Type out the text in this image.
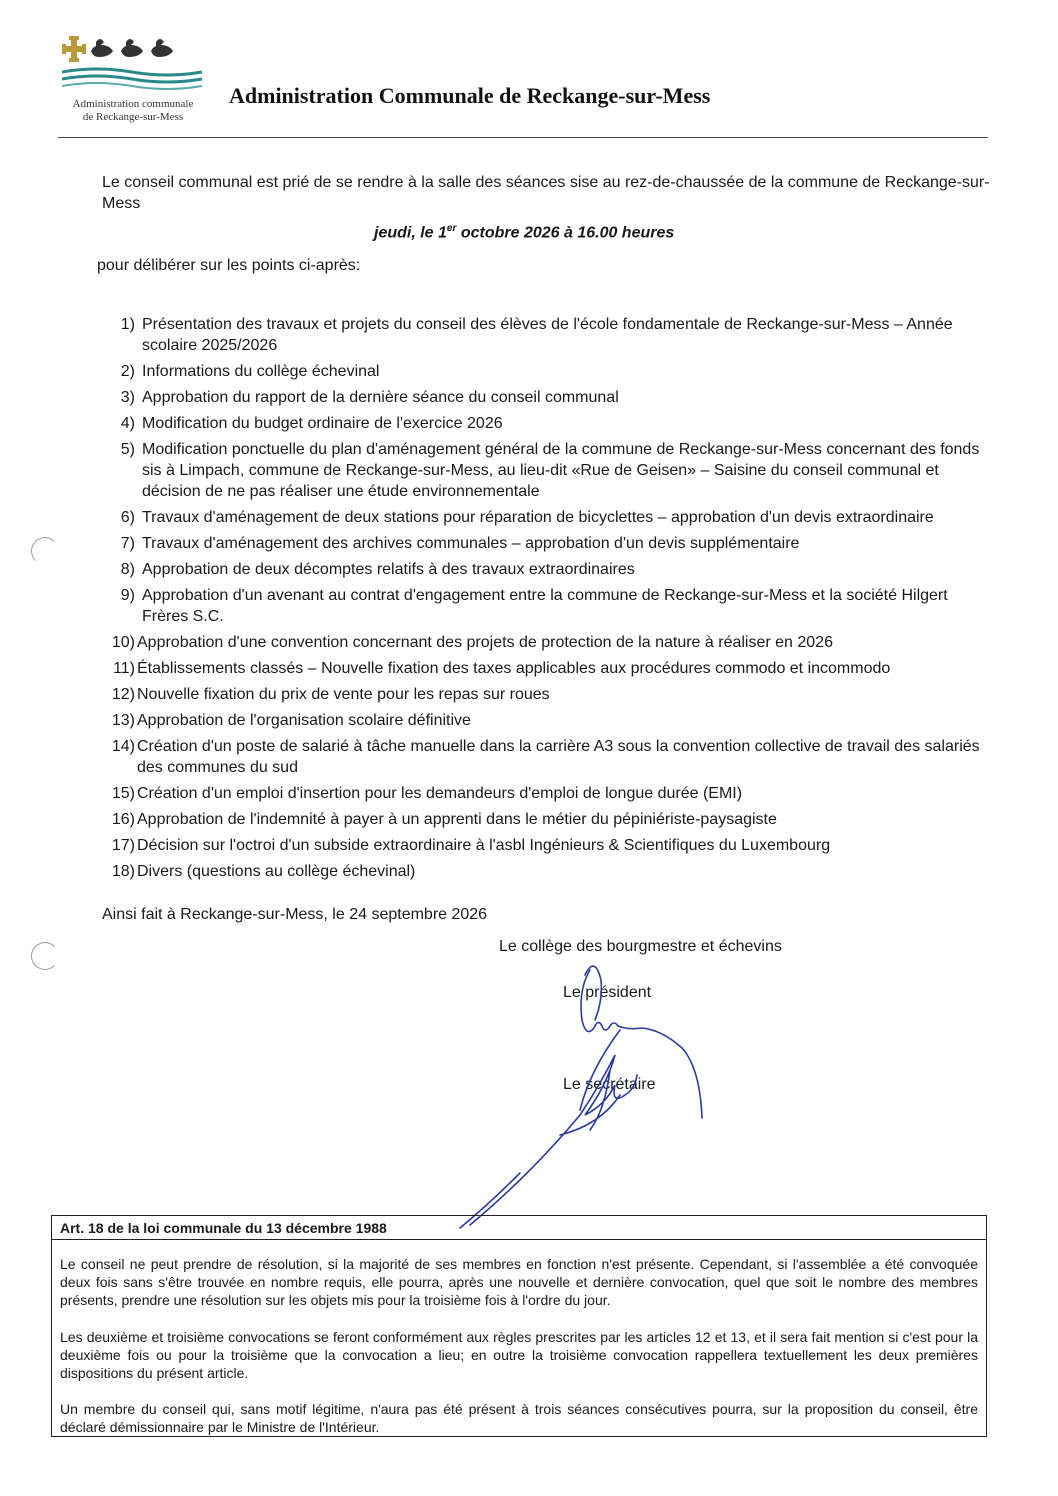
Administration communale
de Reckange-sur-Mess
Administration Communale de Reckange-sur-Mess
Le conseil communal est prié de se rendre à la salle des séances sise au rez-de-chaussée de la commune de Reckange-sur-Mess
jeudi, le 1er octobre 2026 à 16.00 heures
pour délibérer sur les points ci-après:
1) Présentation des travaux et projets du conseil des élèves de l'école fondamentale de Reckange-sur-Mess – Année scolaire 2025/2026
2) Informations du collège échevinal
3) Approbation du rapport de la dernière séance du conseil communal
4) Modification du budget ordinaire de l'exercice 2026
5) Modification ponctuelle du plan d'aménagement général de la commune de Reckange-sur-Mess concernant des fonds sis à Limpach, commune de Reckange-sur-Mess, au lieu-dit «Rue de Geisen» – Saisine du conseil communal et décision de ne pas réaliser une étude environnementale
6) Travaux d'aménagement de deux stations pour réparation de bicyclettes – approbation d'un devis extraordinaire
7) Travaux d'aménagement des archives communales – approbation d'un devis supplémentaire
8) Approbation de deux décomptes relatifs à des travaux extraordinaires
9) Approbation d'un avenant au contrat d'engagement entre la commune de Reckange-sur-Mess et la société Hilgert Frères S.C.
10) Approbation d'une convention concernant des projets de protection de la nature à réaliser en 2026
11) Établissements classés – Nouvelle fixation des taxes applicables aux procédures commodo et incommodo
12) Nouvelle fixation du prix de vente pour les repas sur roues
13) Approbation de l'organisation scolaire définitive
14) Création d'un poste de salarié à tâche manuelle dans la carrière A3 sous la convention collective de travail des salariés des communes du sud
15) Création d'un emploi d'insertion pour les demandeurs d'emploi de longue durée (EMI)
16) Approbation de l'indemnité à payer à un apprenti dans le métier du pépiniériste-paysagiste
17) Décision sur l'octroi d'un subside extraordinaire à l'asbl Ingénieurs & Scientifiques du Luxembourg
18) Divers (questions au collège échevinal)
Ainsi fait à Reckange-sur-Mess, le 24 septembre 2026
Le collège des bourgmestre et échevins
Le président
Le secrétaire
Art. 18 de la loi communale du 13 décembre 1988
Le conseil ne peut prendre de résolution, si la majorité de ses membres en fonction n'est présente. Cependant, si l'assemblée a été convoquée deux fois sans s'être trouvée en nombre requis, elle pourra, après une nouvelle et dernière convocation, quel que soit le nombre des membres présents, prendre une résolution sur les objets mis pour la troisième fois à l'ordre du jour.
Les deuxième et troisième convocations se feront conformément aux règles prescrites par les articles 12 et 13, et il sera fait mention si c'est pour la deuxième fois ou pour la troisième que la convocation a lieu; en outre la troisième convocation rappellera textuellement les deux premières dispositions du présent article.
Un membre du conseil qui, sans motif légitime, n'aura pas été présent à trois séances consécutives pourra, sur la proposition du conseil, être déclaré démissionnaire par le Ministre de l'Intérieur.
